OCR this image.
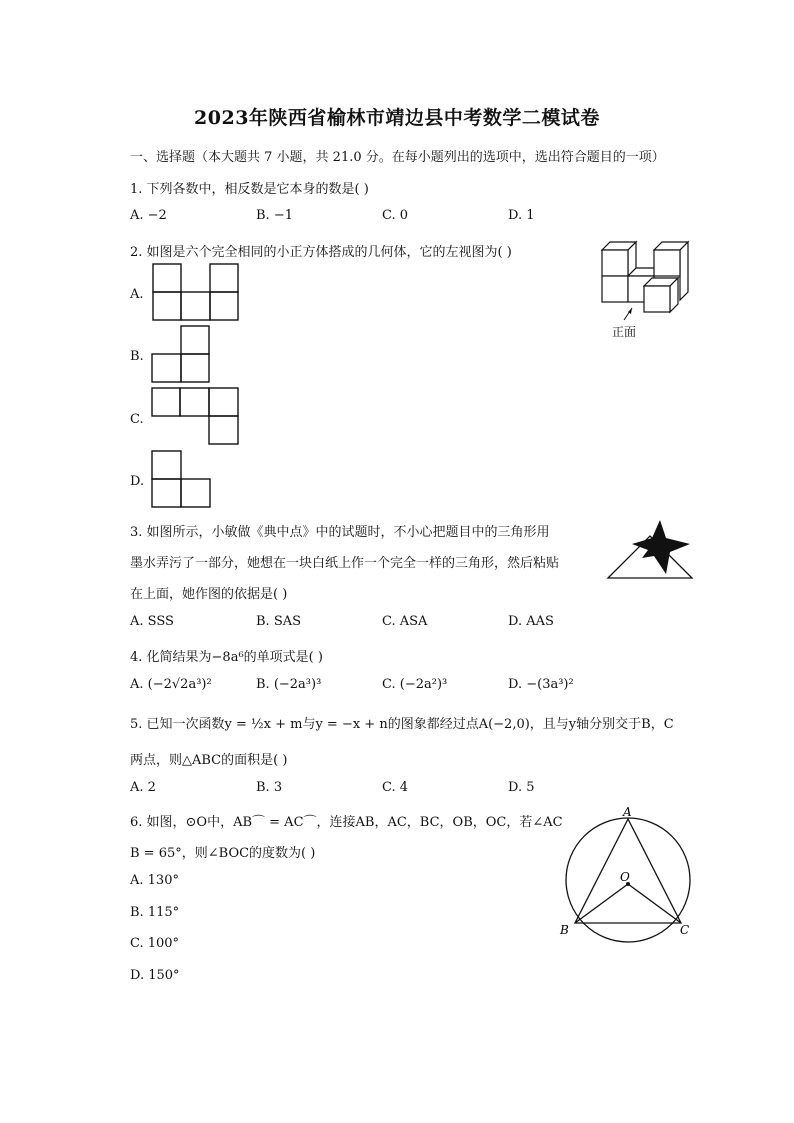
2023年陕西省榆林市靖边县中考数学二模试卷
一、选择题（本大题共 7 小题，共 21.0 分。在每小题列出的选项中，选出符合题目的一项）
1. 下列各数中，相反数是它本身的数是( )
A. −2	B. −1	C. 0	D. 1
2. 如图是六个完全相同的小正方体搭成的几何体，它的左视图为( )
正面
A.
B.
C.
D.
3. 如图所示，小敏做《典中点》中的试题时，不小心把题目中的三角形用
墨水弄污了一部分，她想在一块白纸上作一个完全一样的三角形，然后粘贴
在上面，她作图的依据是( )
A. SSS	B. SAS	C. ASA	D. AAS
4. 化简结果为−8a⁶的单项式是( )
A. (−2√2a³)²	B. (−2a³)³	C. (−2a²)³	D. −(3a³)²
5. 已知一次函数y = ½x + m与y = −x + n的图象都经过点A(−2,0)，且与y轴分别交于B，C
两点，则△ABC的面积是( )
A. 2	B. 3	C. 4	D. 5
6. 如图，⊙O中，AB⌒ = AC⌒，连接AB，AC，BC，OB，OC，若∠AC
B = 65°，则∠BOC的度数为( )
A. 130°
B. 115°
C. 100°
D. 150°
A
O
B	C
